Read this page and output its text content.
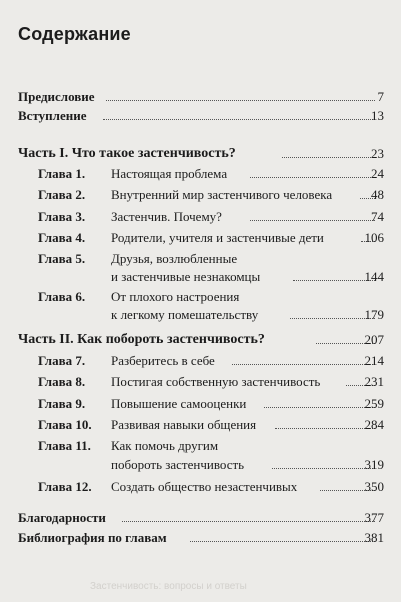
Содержание
Предисловие	7
Вступление	13
Часть I. Что такое застенчивость?	23
Глава 1. Настоящая проблема	24
Глава 2. Внутренний мир застенчивого человека	48
Глава 3. Застенчив. Почему?	74
Глава 4. Родители, учителя и застенчивые дети	106
Глава 5. Друзья, возлюбленные
и застенчивые незнакомцы	144
Глава 6. От плохого настроения
к легкому помешательству	179
Часть II. Как побороть застенчивость?	207
Глава 7. Разберитесь в себе	214
Глава 8. Постигая собственную застенчивость	231
Глава 9. Повышение самооценки	259
Глава 10. Развивая навыки общения	284
Глава 11. Как помочь другим
побороть застенчивость	319
Глава 12. Создать общество незастенчивых	350
Благодарности	377
Библиография по главам	381
Застенчивость: вопросы и ответы
